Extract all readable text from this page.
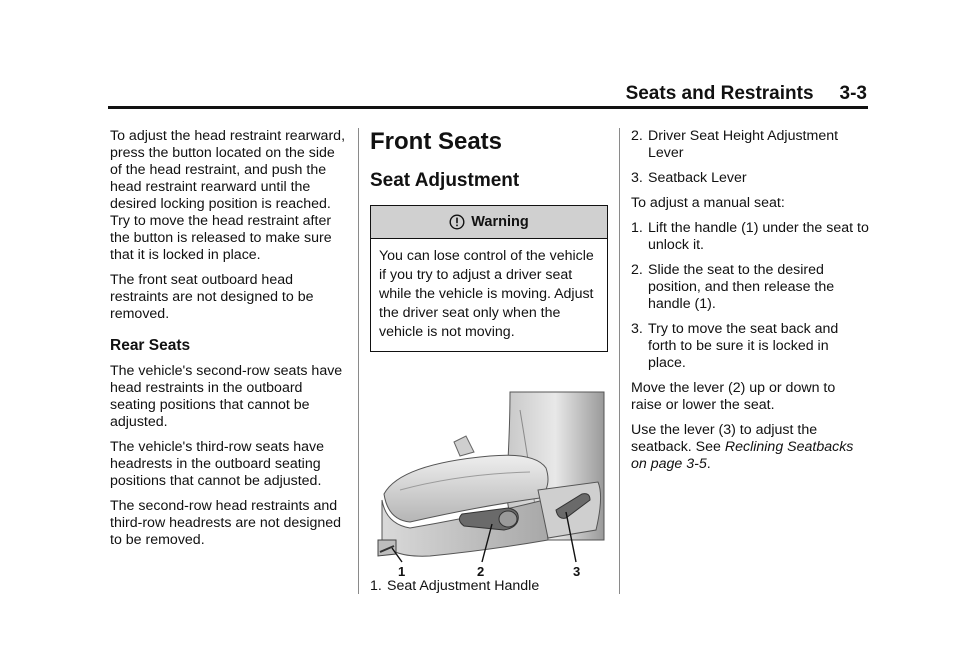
Seats and Restraints 3-3

To adjust the head restraint rearward, press the button located on the side of the head restraint, and push the head restraint rearward until the desired locking position is reached. Try to move the head restraint after the button is released to make sure that it is locked in place.

The front seat outboard head restraints are not designed to be removed.

Rear Seats

The vehicle's second-row seats have head restraints in the outboard seating positions that cannot be adjusted.

The vehicle's third-row seats have headrests in the outboard seating positions that cannot be adjusted.

The second-row head restraints and third-row headrests are not designed to be removed.

Front Seats
Seat Adjustment
Warning
You can lose control of the vehicle if you try to adjust a driver seat while the vehicle is moving. Adjust the driver seat only when the vehicle is not moving.
1	2	3
1. Seat Adjustment Handle
2. Driver Seat Height Adjustment Lever
3. Seatback Lever

To adjust a manual seat:

1. Lift the handle (1) under the seat to unlock it.
2. Slide the seat to the desired position, and then release the handle (1).
3. Try to move the seat back and forth to be sure it is locked in place.

Move the lever (2) up or down to raise or lower the seat.

Use the lever (3) to adjust the seatback. See Reclining Seatbacks on page 3-5.
